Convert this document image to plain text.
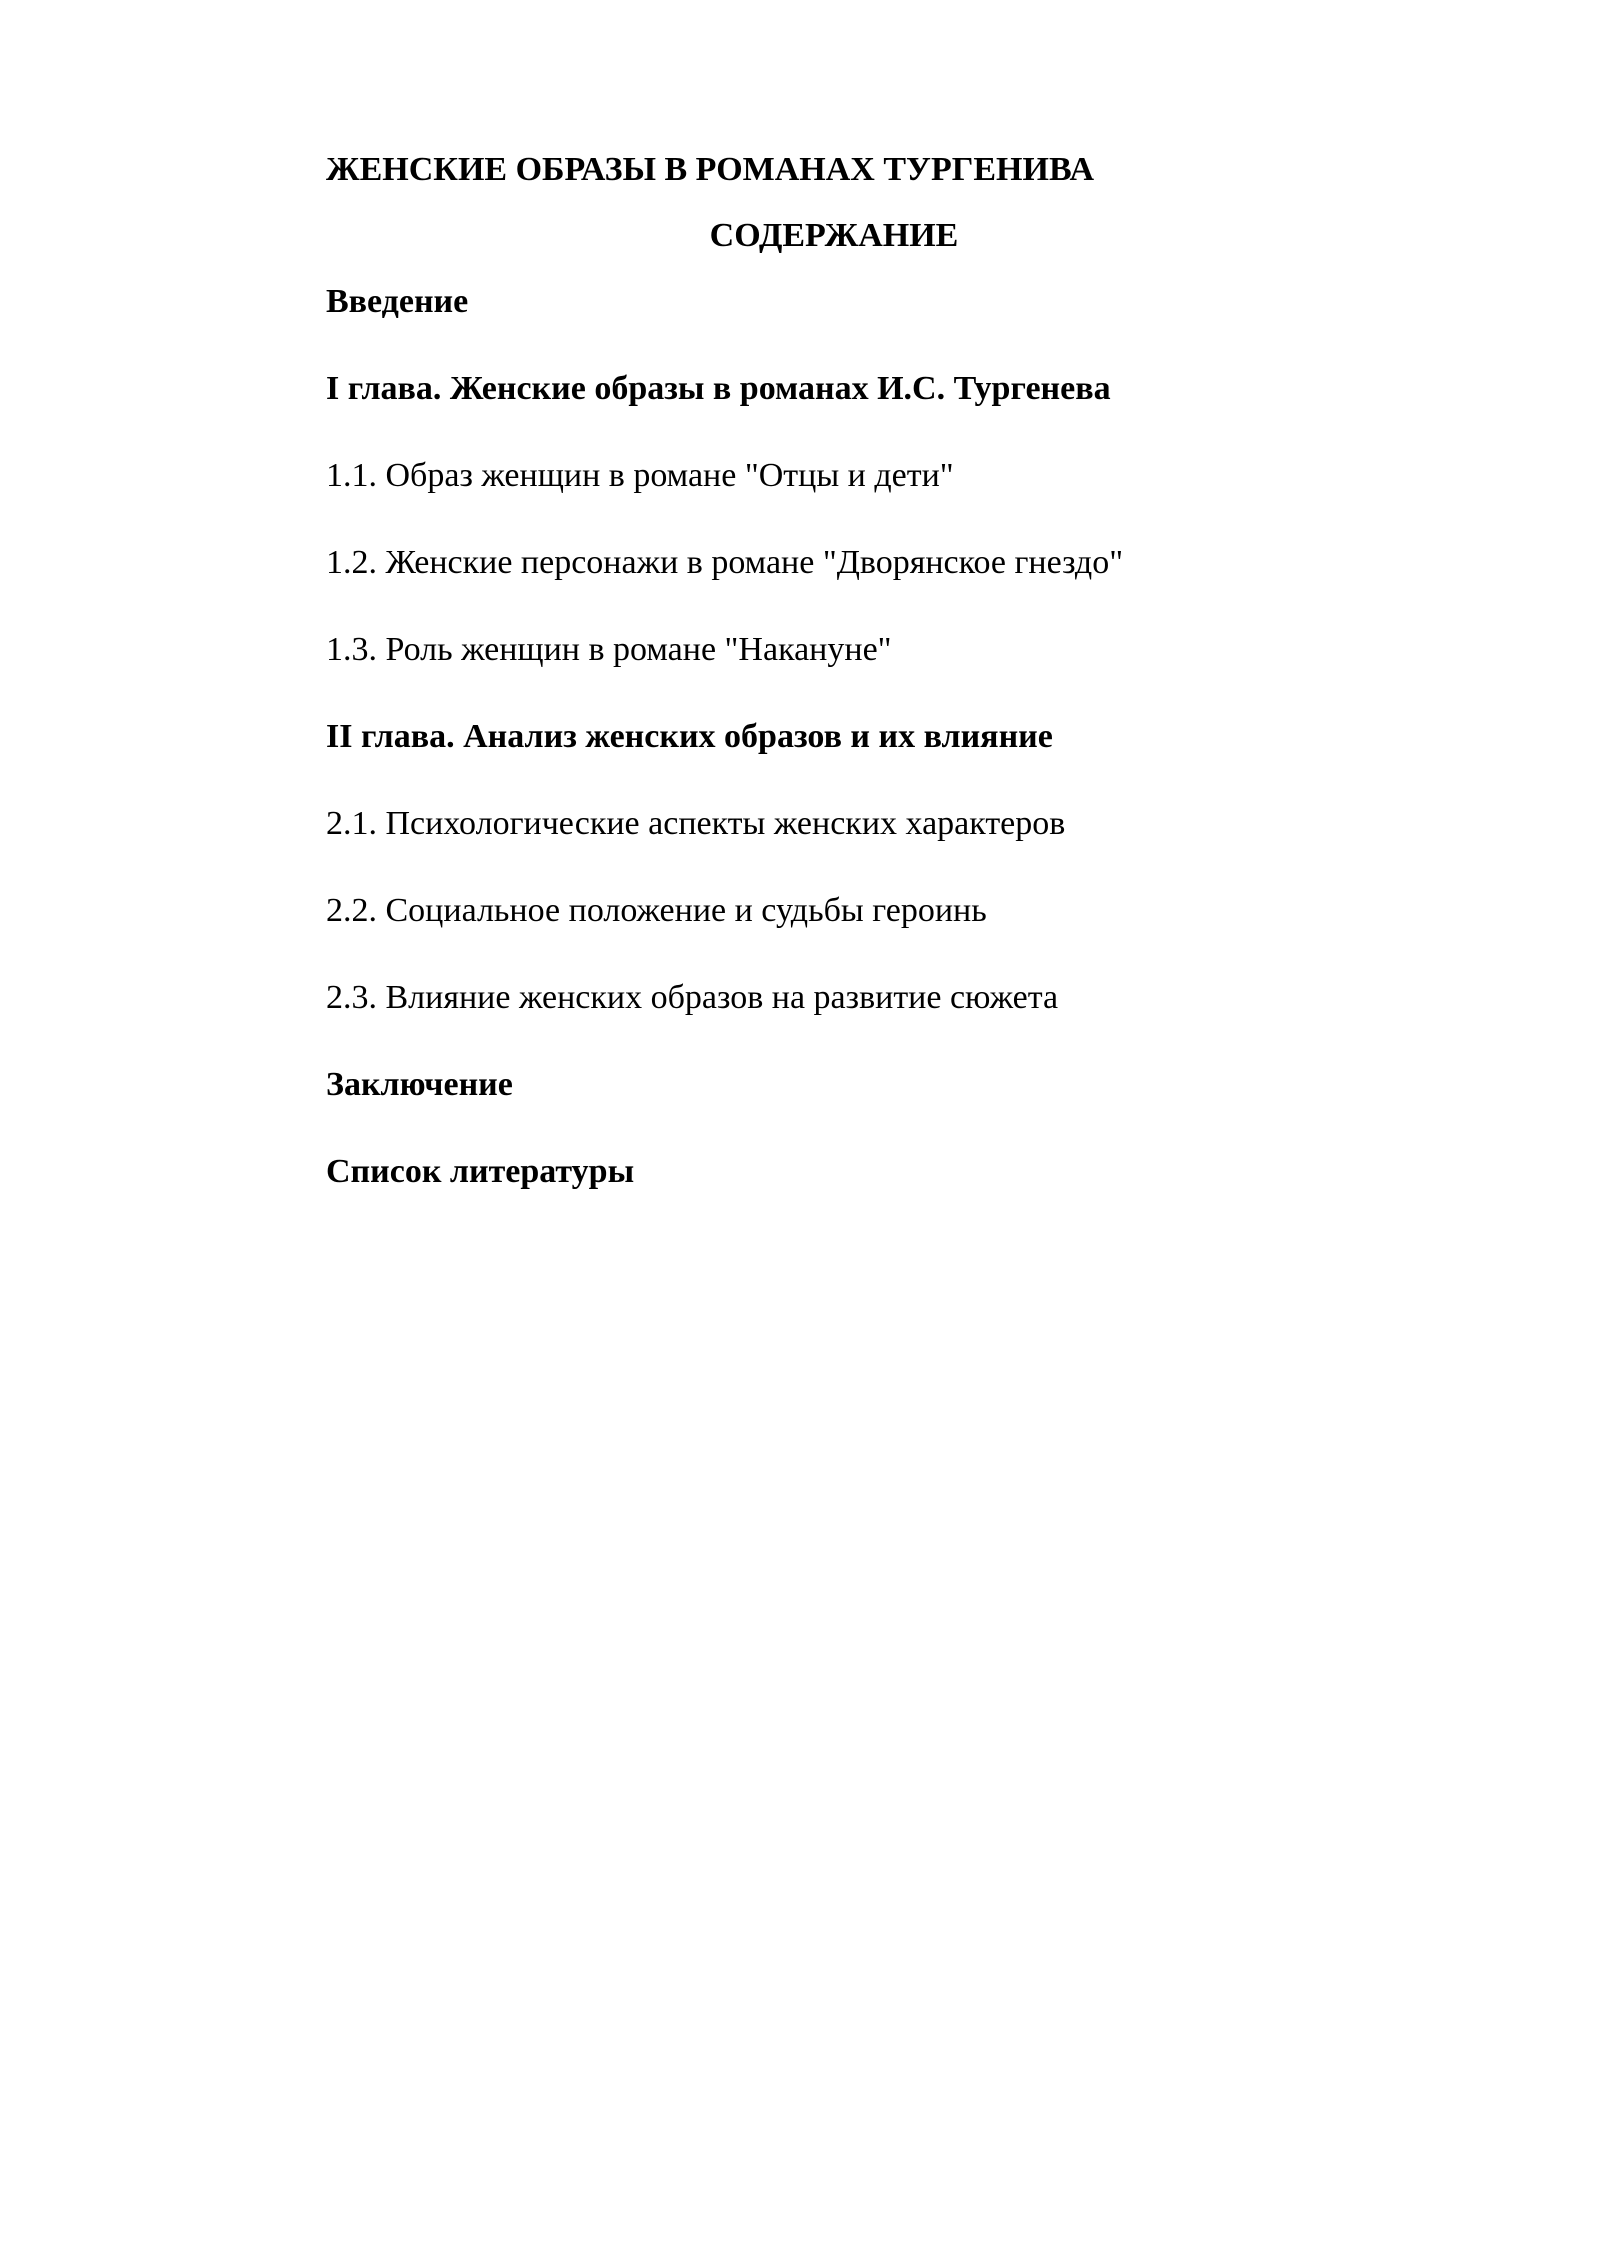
ЖЕНСКИЕ ОБРАЗЫ В РОМАНАХ ТУРГЕНИВА
СОДЕРЖАНИЕ
Введение
I глава. Женские образы в романах И.С. Тургенева
1.1. Образ женщин в романе "Отцы и дети"
1.2. Женские персонажи в романе "Дворянское гнездо"
1.3. Роль женщин в романе "Накануне"
II глава. Анализ женских образов и их влияние
2.1. Психологические аспекты женских характеров
2.2. Социальное положение и судьбы героинь
2.3. Влияние женских образов на развитие сюжета
Заключение
Список литературы
